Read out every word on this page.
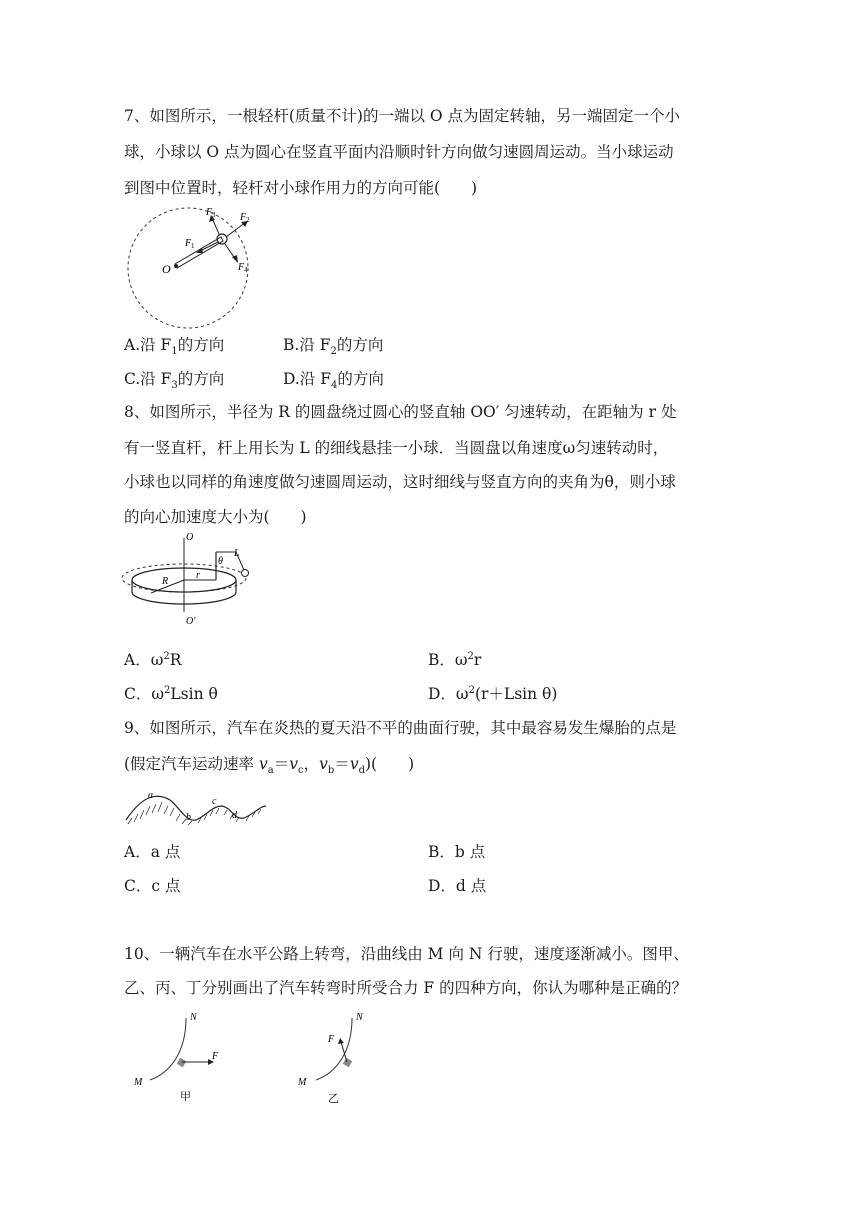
7、如图所示，一根轻杆(质量不计)的一端以 O 点为固定转轴，另一端固定一个小
球，小球以 O 点为圆心在竖直平面内沿顺时针方向做匀速圆周运动。当小球运动
到图中位置时，轻杆对小球作用力的方向可能(　　)
O
F 1
F 2
F 3
F 4
A.沿 $F_1$的方向	B.沿 $F_2$的方向
C.沿 $F_3$的方向	D.沿 $F_4$的方向
8、如图所示，半径为 R 的圆盘绕过圆心的竖直轴 OO′ 匀速转动，在距轴为 r 处
有一竖直杆，杆上用长为 L 的细线悬挂一小球．当圆盘以角速度ω匀速转动时，
小球也以同样的角速度做匀速圆周运动，这时细线与竖直方向的夹角为θ，则小球
的向心加速度大小为(　　)
O
O′
L
θ
R
r
A．$\omega^2R$	B．$\omega^2r$
C．$\omega^2Lsin$ θ	D．$\omega^2(r+Lsin$ θ)
9、如图所示，汽车在炎热的夏天沿不平的曲面行驶，其中最容易发生爆胎的点是
(假定汽车运动速率 $v_a=v_c$，$v_b=v_d$)(　　)
a
b
c
d
A．a 点	B．b 点
C．c 点	D．d 点
10、一辆汽车在水平公路上转弯，沿曲线由 M 向 N 行驶，速度逐渐减小。图甲、
乙、丙、丁分别画出了汽车转弯时所受合力 F 的四种方向，你认为哪种是正确的？
N
M
F
甲
N
M
F
乙
